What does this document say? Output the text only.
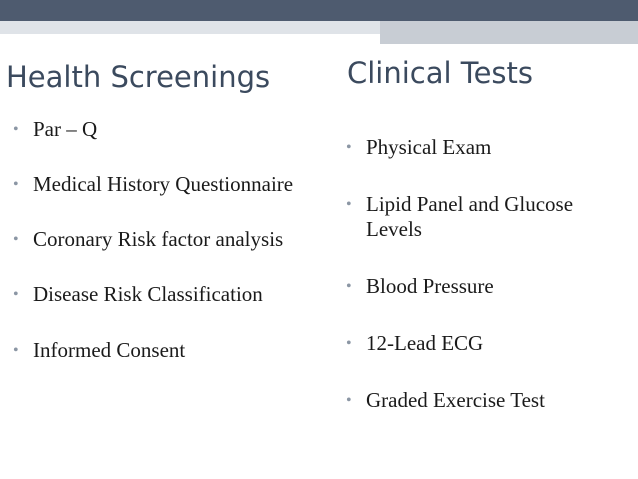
Health Screenings	Clinical Tests
• Par – Q
• Medical History Questionnaire
• Coronary Risk factor analysis
• Disease Risk Classification
• Informed Consent
• Physical Exam
• Lipid Panel and Glucose Levels
• Blood Pressure
• 12-Lead ECG
• Graded Exercise Test
